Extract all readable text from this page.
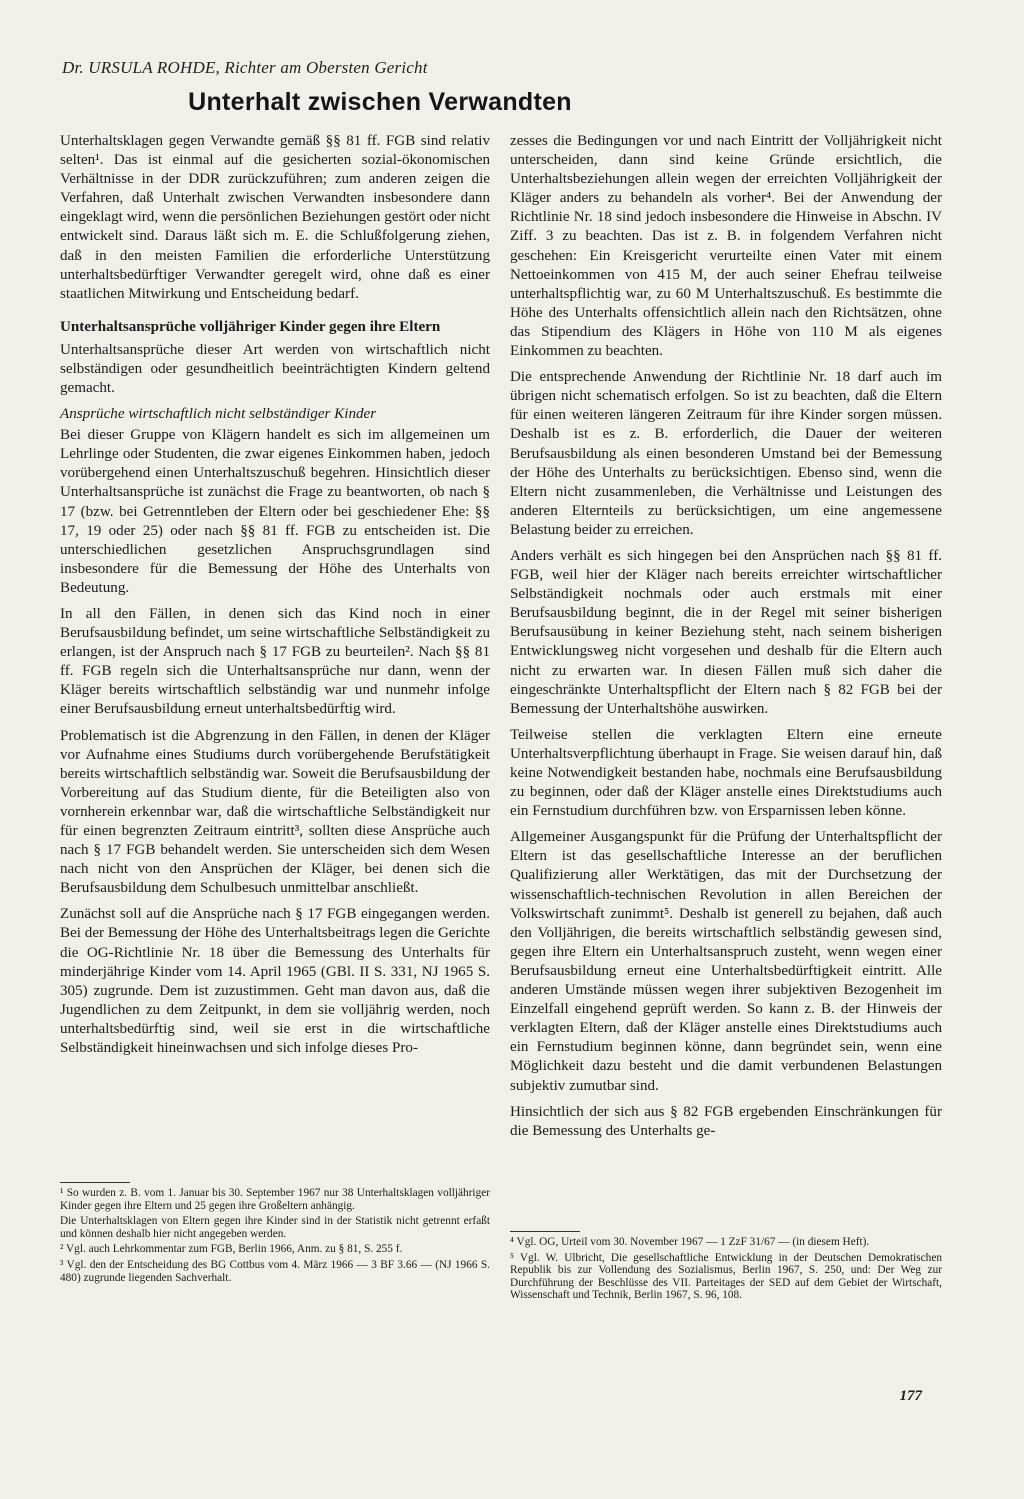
Dr. URSULA ROHDE, Richter am Obersten Gericht
Unterhalt zwischen Verwandten

Unterhaltsklagen gegen Verwandte gemäß §§ 81 ff. FGB sind relativ selten¹. Das ist einmal auf die gesicherten sozial-ökonomischen Verhältnisse in der DDR zurückzuführen; zum anderen zeigen die Verfahren, daß Unterhalt zwischen Verwandten insbesondere dann eingeklagt wird, wenn die persönlichen Beziehungen gestört oder nicht entwickelt sind. Daraus läßt sich m. E. die Schlußfolgerung ziehen, daß in den meisten Familien die erforderliche Unterstützung unterhaltsbedürftiger Verwandter geregelt wird, ohne daß es einer staatlichen Mitwirkung und Entscheidung bedarf.

Unterhaltsansprüche volljähriger Kinder gegen ihre Eltern

Unterhaltsansprüche dieser Art werden von wirtschaftlich nicht selbständigen oder gesundheitlich beeinträchtigten Kindern geltend gemacht.

Ansprüche wirtschaftlich nicht selbständiger Kinder

Bei dieser Gruppe von Klägern handelt es sich im allgemeinen um Lehrlinge oder Studenten, die zwar eigenes Einkommen haben, jedoch vorübergehend einen Unterhaltszuschuß begehren. Hinsichtlich dieser Unterhaltsansprüche ist zunächst die Frage zu beantworten, ob nach § 17 (bzw. bei Getrenntleben der Eltern oder bei geschiedener Ehe: §§ 17, 19 oder 25) oder nach §§ 81 ff. FGB zu entscheiden ist. Die unterschiedlichen gesetzlichen Anspruchsgrundlagen sind insbesondere für die Bemessung der Höhe des Unterhalts von Bedeutung.

In all den Fällen, in denen sich das Kind noch in einer Berufsausbildung befindet, um seine wirtschaftliche Selbständigkeit zu erlangen, ist der Anspruch nach § 17 FGB zu beurteilen². Nach §§ 81 ff. FGB regeln sich die Unterhaltsansprüche nur dann, wenn der Kläger bereits wirtschaftlich selbständig war und nunmehr infolge einer Berufsausbildung erneut unterhaltsbedürftig wird.

Problematisch ist die Abgrenzung in den Fällen, in denen der Kläger vor Aufnahme eines Studiums durch vorübergehende Berufstätigkeit bereits wirtschaftlich selbständig war. Soweit die Berufsausbildung der Vorbereitung auf das Studium diente, für die Beteiligten also von vornherein erkennbar war, daß die wirtschaftliche Selbständigkeit nur für einen begrenzten Zeitraum eintritt³, sollten diese Ansprüche auch nach § 17 FGB behandelt werden. Sie unterscheiden sich dem Wesen nach nicht von den Ansprüchen der Kläger, bei denen sich die Berufsausbildung dem Schulbesuch unmittelbar anschließt.

Zunächst soll auf die Ansprüche nach § 17 FGB eingegangen werden. Bei der Bemessung der Höhe des Unterhaltsbeitrags legen die Gerichte die OG-Richtlinie Nr. 18 über die Bemessung des Unterhalts für minderjährige Kinder vom 14. April 1965 (GBl. II S. 331, NJ 1965 S. 305) zugrunde. Dem ist zuzustimmen. Geht man davon aus, daß die Jugendlichen zu dem Zeitpunkt, in dem sie volljährig werden, noch unterhaltsbedürftig sind, weil sie erst in die wirtschaftliche Selbständigkeit hineinwachsen und sich infolge dieses Pro-

zesses die Bedingungen vor und nach Eintritt der Volljährigkeit nicht unterscheiden, dann sind keine Gründe ersichtlich, die Unterhaltsbeziehungen allein wegen der erreichten Volljährigkeit der Kläger anders zu behandeln als vorher⁴. Bei der Anwendung der Richtlinie Nr. 18 sind jedoch insbesondere die Hinweise in Abschn. IV Ziff. 3 zu beachten. Das ist z. B. in folgendem Verfahren nicht geschehen: Ein Kreisgericht verurteilte einen Vater mit einem Nettoeinkommen von 415 M, der auch seiner Ehefrau teilweise unterhaltspflichtig war, zu 60 M Unterhaltszuschuß. Es bestimmte die Höhe des Unterhalts offensichtlich allein nach den Richtsätzen, ohne das Stipendium des Klägers in Höhe von 110 M als eigenes Einkommen zu beachten.

Die entsprechende Anwendung der Richtlinie Nr. 18 darf auch im übrigen nicht schematisch erfolgen. So ist zu beachten, daß die Eltern für einen weiteren längeren Zeitraum für ihre Kinder sorgen müssen. Deshalb ist es z. B. erforderlich, die Dauer der weiteren Berufsausbildung als einen besonderen Umstand bei der Bemessung der Höhe des Unterhalts zu berücksichtigen. Ebenso sind, wenn die Eltern nicht zusammenleben, die Verhältnisse und Leistungen des anderen Elternteils zu berücksichtigen, um eine angemessene Belastung beider zu erreichen.

Anders verhält es sich hingegen bei den Ansprüchen nach §§ 81 ff. FGB, weil hier der Kläger nach bereits erreichter wirtschaftlicher Selbständigkeit nochmals oder auch erstmals mit einer Berufsausbildung beginnt, die in der Regel mit seiner bisherigen Berufsausübung in keiner Beziehung steht, nach seinem bisherigen Entwicklungsweg nicht vorgesehen und deshalb für die Eltern auch nicht zu erwarten war. In diesen Fällen muß sich daher die eingeschränkte Unterhaltspflicht der Eltern nach § 82 FGB bei der Bemessung der Unterhaltshöhe auswirken.

Teilweise stellen die verklagten Eltern eine erneute Unterhaltsverpflichtung überhaupt in Frage. Sie weisen darauf hin, daß keine Notwendigkeit bestanden habe, nochmals eine Berufsausbildung zu beginnen, oder daß der Kläger anstelle eines Direktstudiums auch ein Fernstudium durchführen bzw. von Ersparnissen leben könne.

Allgemeiner Ausgangspunkt für die Prüfung der Unterhaltspflicht der Eltern ist das gesellschaftliche Interesse an der beruflichen Qualifizierung aller Werktätigen, das mit der Durchsetzung der wissenschaftlich-technischen Revolution in allen Bereichen der Volkswirtschaft zunimmt⁵. Deshalb ist generell zu bejahen, daß auch den Volljährigen, die bereits wirtschaftlich selbständig gewesen sind, gegen ihre Eltern ein Unterhaltsanspruch zusteht, wenn wegen einer Berufsausbildung erneut eine Unterhaltsbedürftigkeit eintritt. Alle anderen Umstände müssen wegen ihrer subjektiven Bezogenheit im Einzelfall eingehend geprüft werden. So kann z. B. der Hinweis der verklagten Eltern, daß der Kläger anstelle eines Direktstudiums auch ein Fernstudium beginnen könne, dann begründet sein, wenn eine Möglichkeit dazu besteht und die damit verbundenen Belastungen subjektiv zumutbar sind.

Hinsichtlich der sich aus § 82 FGB ergebenden Einschränkungen für die Bemessung des Unterhalts ge-

¹ So wurden z. B. vom 1. Januar bis 30. September 1967 nur 38 Unterhaltsklagen volljähriger Kinder gegen ihre Eltern und 25 gegen ihre Großeltern anhängig.

Die Unterhaltsklagen von Eltern gegen ihre Kinder sind in der Statistik nicht getrennt erfaßt und können deshalb hier nicht angegeben werden.

² Vgl. auch Lehrkommentar zum FGB, Berlin 1966, Anm. zu § 81, S. 255 f.

³ Vgl. den der Entscheidung des BG Cottbus vom 4. März 1966 — 3 BF 3.66 — (NJ 1966 S. 480) zugrunde liegenden Sachverhalt.

⁴ Vgl. OG, Urteil vom 30. November 1967 — 1 ZzF 31/67 — (in diesem Heft).

⁵ Vgl. W. Ulbricht, Die gesellschaftliche Entwicklung in der Deutschen Demokratischen Republik bis zur Vollendung des Sozialismus, Berlin 1967, S. 250, und: Der Weg zur Durchführung der Beschlüsse des VII. Parteitages der SED auf dem Gebiet der Wirtschaft, Wissenschaft und Technik, Berlin 1967, S. 96, 108.

177
